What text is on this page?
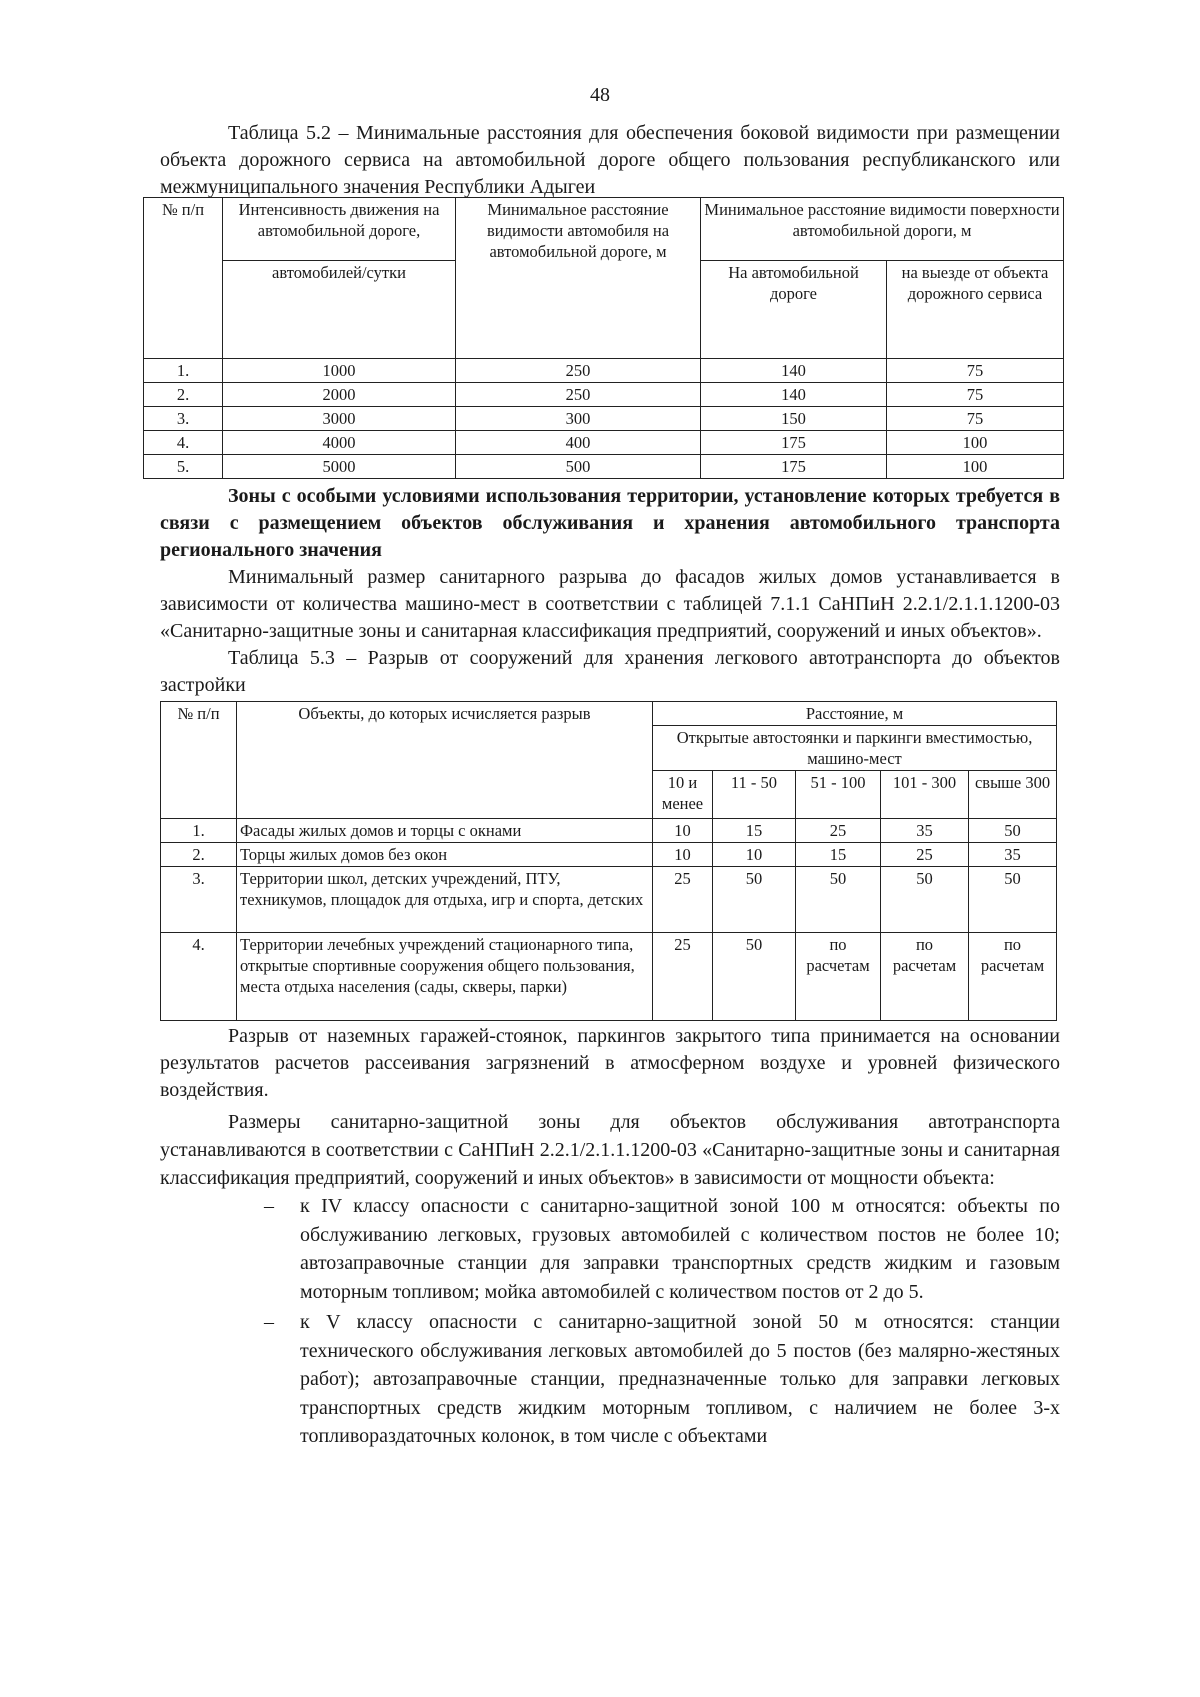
48
Таблица 5.2 – Минимальные расстояния для обеспечения боковой видимости при размещении объекта дорожного сервиса на автомобильной дороге общего пользования республиканского или межмуниципального значения Республики Адыгеи
№ п/п	Интенсивность движения на автомобильной дороге,	Минимальное расстояние видимости автомобиля на автомобильной дороге, м	Минимальное расстояние видимости поверхности автомобильной дороги, м	
	автомобилей/сутки		На автомобильной дороге	на выезде от объекта дорожного сервиса
1.	1000	250	140	75
2.	2000	250	140	75
3.	3000	300	150	75
4.	4000	400	175	100
5.	5000	500	175	100
Зоны с особыми условиями использования территории, установление которых требуется в связи с размещением объектов обслуживания и хранения автомобильного транспорта регионального значения
Минимальный размер санитарного разрыва до фасадов жилых домов устанавливается в зависимости от количества машино-мест в соответствии с таблицей 7.1.1 СаНПиН 2.2.1/2.1.1.1200-03 «Санитарно-защитные зоны и санитарная классификация предприятий, сооружений и иных объектов».
Таблица 5.3 – Разрыв от сооружений для хранения легкового автотранспорта до объектов застройки
№ п/п	Объекты, до которых исчисляется разрыв	Расстояние, м				
		Открытые автостоянки и паркинги вместимостью, машино-мест				
		10 и менее	11 - 50	51 - 100	101 - 300	свыше 300
1.	Фасады жилых домов и торцы с окнами	10	15	25	35	50
2.	Торцы жилых домов без окон	10	10	15	25	35
3.	Территории школ, детских учреждений, ПТУ, техникумов, площадок для отдыха, игр и спорта, детских	25	50	50	50	50
4.	Территории лечебных учреждений стационарного типа, открытые спортивные сооружения общего пользования, места отдыха населения (сады, скверы, парки)	25	50	по расчетам	по расчетам	по расчетам
Разрыв от наземных гаражей-стоянок, паркингов закрытого типа принимается на основании результатов расчетов рассеивания загрязнений в атмосферном воздухе и уровней физического воздействия.
Размеры санитарно-защитной зоны для объектов обслуживания автотранспорта устанавливаются в соответствии с СаНПиН 2.2.1/2.1.1.1200-03 «Санитарно-защитные зоны и санитарная классификация предприятий, сооружений и иных объектов» в зависимости от мощности объекта:
–	к IV классу опасности с санитарно-защитной зоной 100 м относятся: объекты по обслуживанию легковых, грузовых автомобилей с количеством постов не более 10; автозаправочные станции для заправки транспортных средств жидким и газовым моторным топливом; мойка автомобилей с количеством постов от 2 до 5.
–	к V классу опасности с санитарно-защитной зоной 50 м относятся: станции технического обслуживания легковых автомобилей до 5 постов (без малярно-жестяных работ); автозаправочные станции, предназначенные только для заправки легковых транспортных средств жидким моторным топливом, с наличием не более 3-х топливораздаточных колонок, в том числе с объектами
